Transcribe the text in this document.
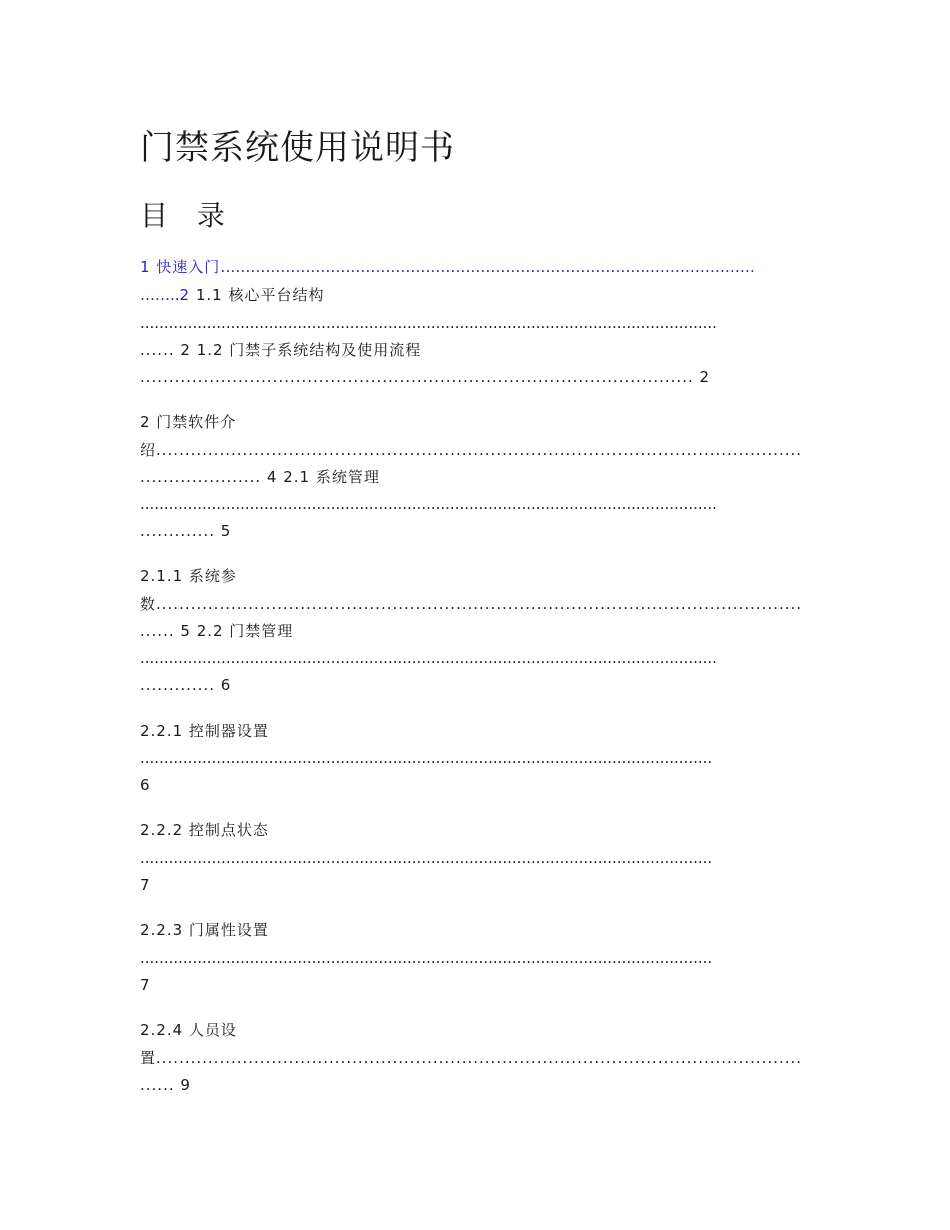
门禁系统使用说明书
目 录
1 快速入门…………………………………………………………………………..…………………
……..2 1.1 核心平台结构
.........................................................................................................................
...... 2 1.2 门禁子系统结构及使用流程
................................................................................................ 2
2 门禁软件介
绍................................................................................................................
..................... 4 2.1 系统管理
.........................................................................................................................
............. 5
2.1.1 系统参
数................................................................................................................
...... 5 2.2 门禁管理
.........................................................................................................................
............. 6
2.2.1 控制器设置
........................................................................................................................
6
2.2.2 控制点状态
........................................................................................................................
7
2.2.3 门属性设置
........................................................................................................................
7
2.2.4 人员设
置................................................................................................................
...... 9
